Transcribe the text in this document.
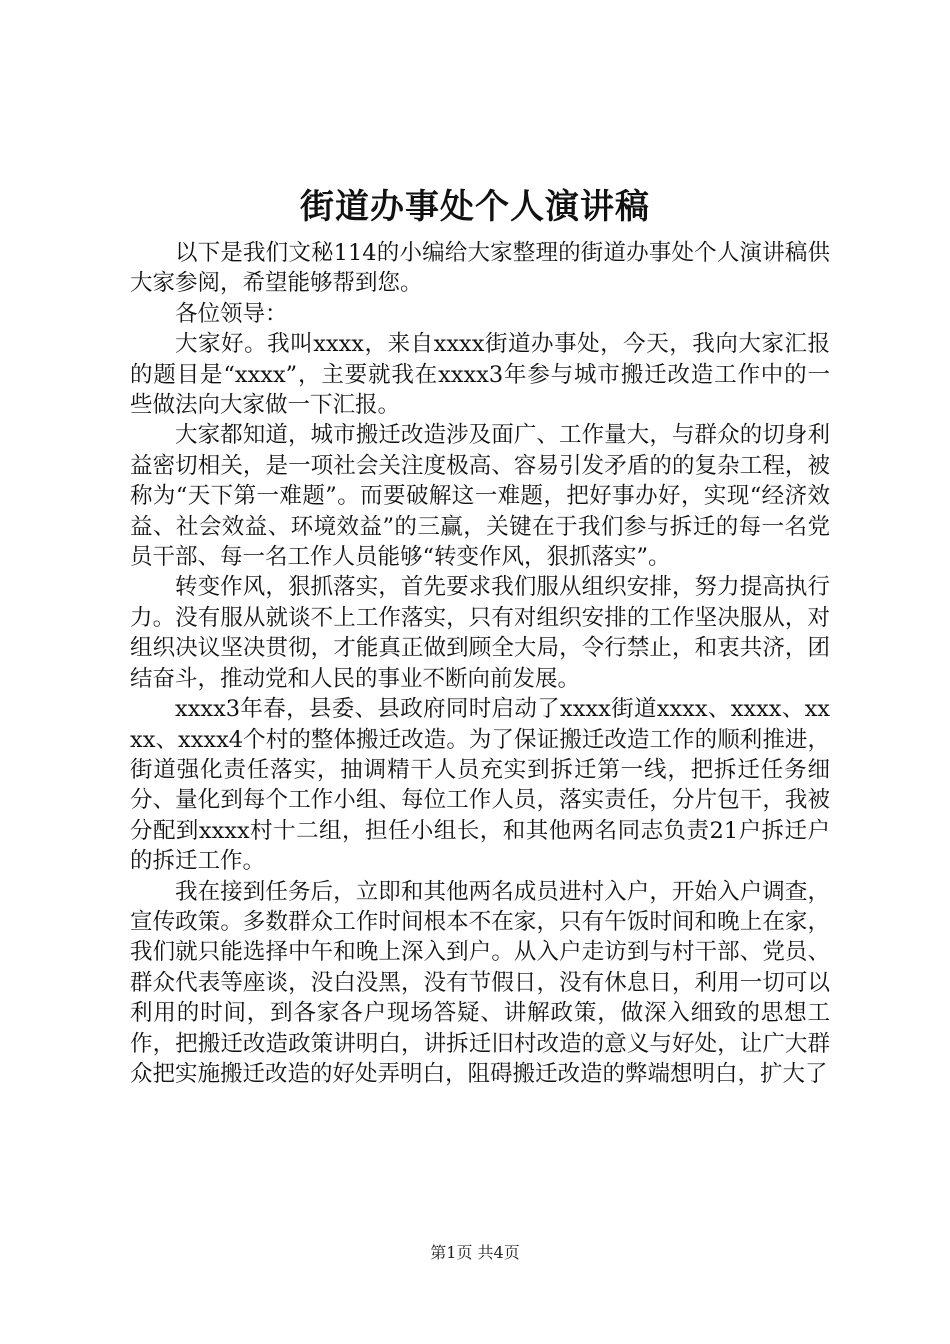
街道办事处个人演讲稿

以下是我们文秘114的小编给大家整理的街道办事处个人演讲稿供大家参阅，希望能够帮到您。

各位领导：

大家好。我叫xxxx，来自xxxx街道办事处，今天，我向大家汇报的题目是“xxxx”，主要就我在xxxx3年参与城市搬迁改造工作中的一些做法向大家做一下汇报。

大家都知道，城市搬迁改造涉及面广、工作量大，与群众的切身利益密切相关，是一项社会关注度极高、容易引发矛盾的的复杂工程，被称为“天下第一难题”。而要破解这一难题，把好事办好，实现“经济效益、社会效益、环境效益”的三赢，关键在于我们参与拆迁的每一名党员干部、每一名工作人员能够“转变作风，狠抓落实”。

转变作风，狠抓落实，首先要求我们服从组织安排，努力提高执行力。没有服从就谈不上工作落实，只有对组织安排的工作坚决服从，对组织决议坚决贯彻，才能真正做到顾全大局，令行禁止，和衷共济，团结奋斗，推动党和人民的事业不断向前发展。

xxxx3年春，县委、县政府同时启动了xxxx街道xxxx、xxxx、xxxx、xxxx4个村的整体搬迁改造。为了保证搬迁改造工作的顺利推进，街道强化责任落实，抽调精干人员充实到拆迁第一线，把拆迁任务细分、量化到每个工作小组、每位工作人员，落实责任，分片包干，我被分配到xxxx村十二组，担任小组长，和其他两名同志负责21户拆迁户的拆迁工作。

我在接到任务后，立即和其他两名成员进村入户，开始入户调查，宣传政策。多数群众工作时间根本不在家，只有午饭时间和晚上在家，我们就只能选择中午和晚上深入到户。从入户走访到与村干部、党员、群众代表等座谈，没白没黑，没有节假日，没有休息日，利用一切可以利用的时间，到各家各户现场答疑、讲解政策，做深入细致的思想工作，把搬迁改造政策讲明白，讲拆迁旧村改造的意义与好处，让广大群众把实施搬迁改造的好处弄明白，阻碍搬迁改造的弊端想明白，扩大了

第1页 共4页
